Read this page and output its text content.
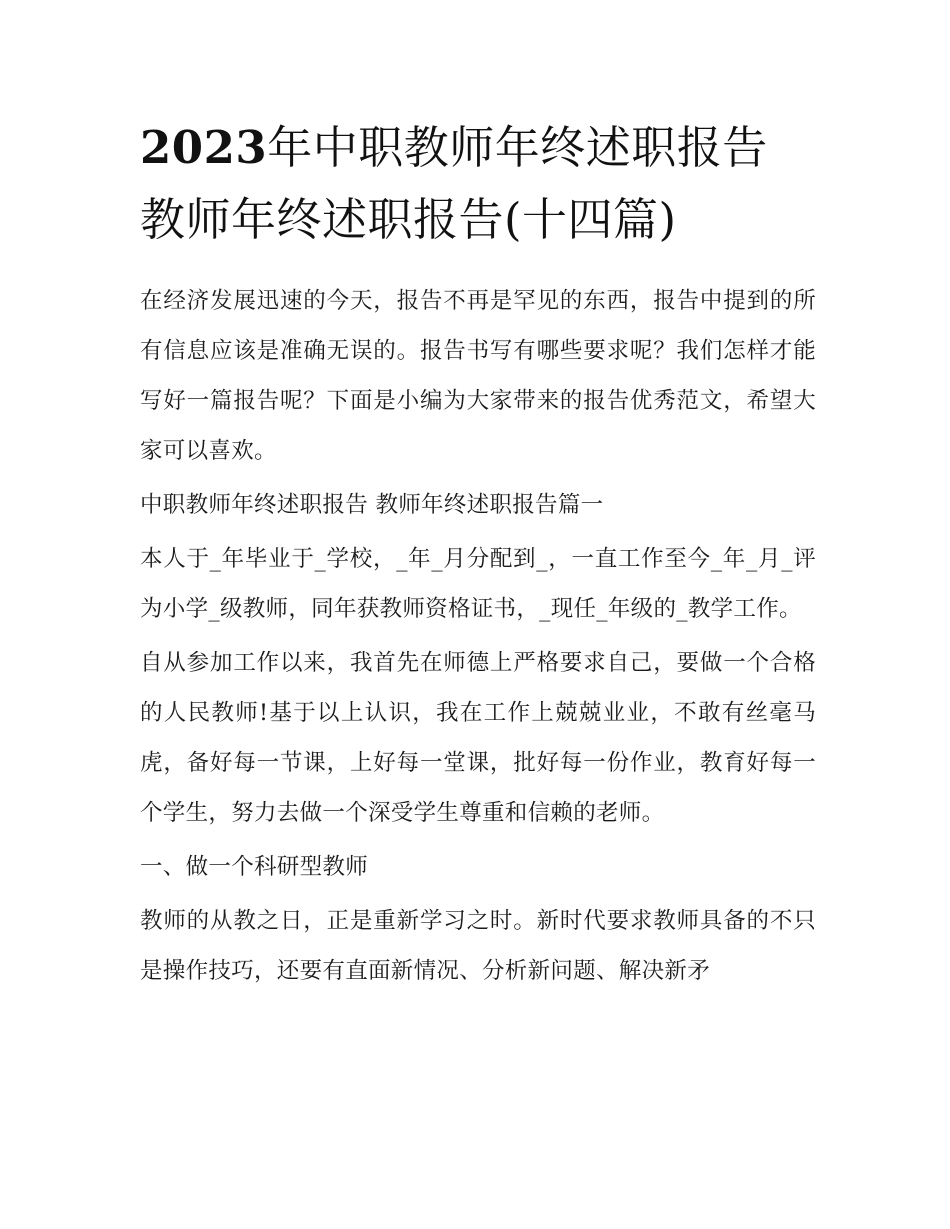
2023年中职教师年终述职报告
教师年终述职报告(十四篇)

在经济发展迅速的今天，报告不再是罕见的东西，报告中提到的所有信息应该是准确无误的。报告书写有哪些要求呢？我们怎样才能写好一篇报告呢？下面是小编为大家带来的报告优秀范文，希望大家可以喜欢。

中职教师年终述职报告 教师年终述职报告篇一

本人于_年毕业于_学校，_年_月分配到_，一直工作至今_年_月_评为小学_级教师，同年获教师资格证书，_现任_年级的_教学工作。

自从参加工作以来，我首先在师德上严格要求自己，要做一个合格的人民教师!基于以上认识，我在工作上兢兢业业，不敢有丝毫马虎，备好每一节课，上好每一堂课，批好每一份作业，教育好每一个学生，努力去做一个深受学生尊重和信赖的老师。

一、做一个科研型教师

教师的从教之日，正是重新学习之时。新时代要求教师具备的不只是操作技巧，还要有直面新情况、分析新问题、解决新矛
